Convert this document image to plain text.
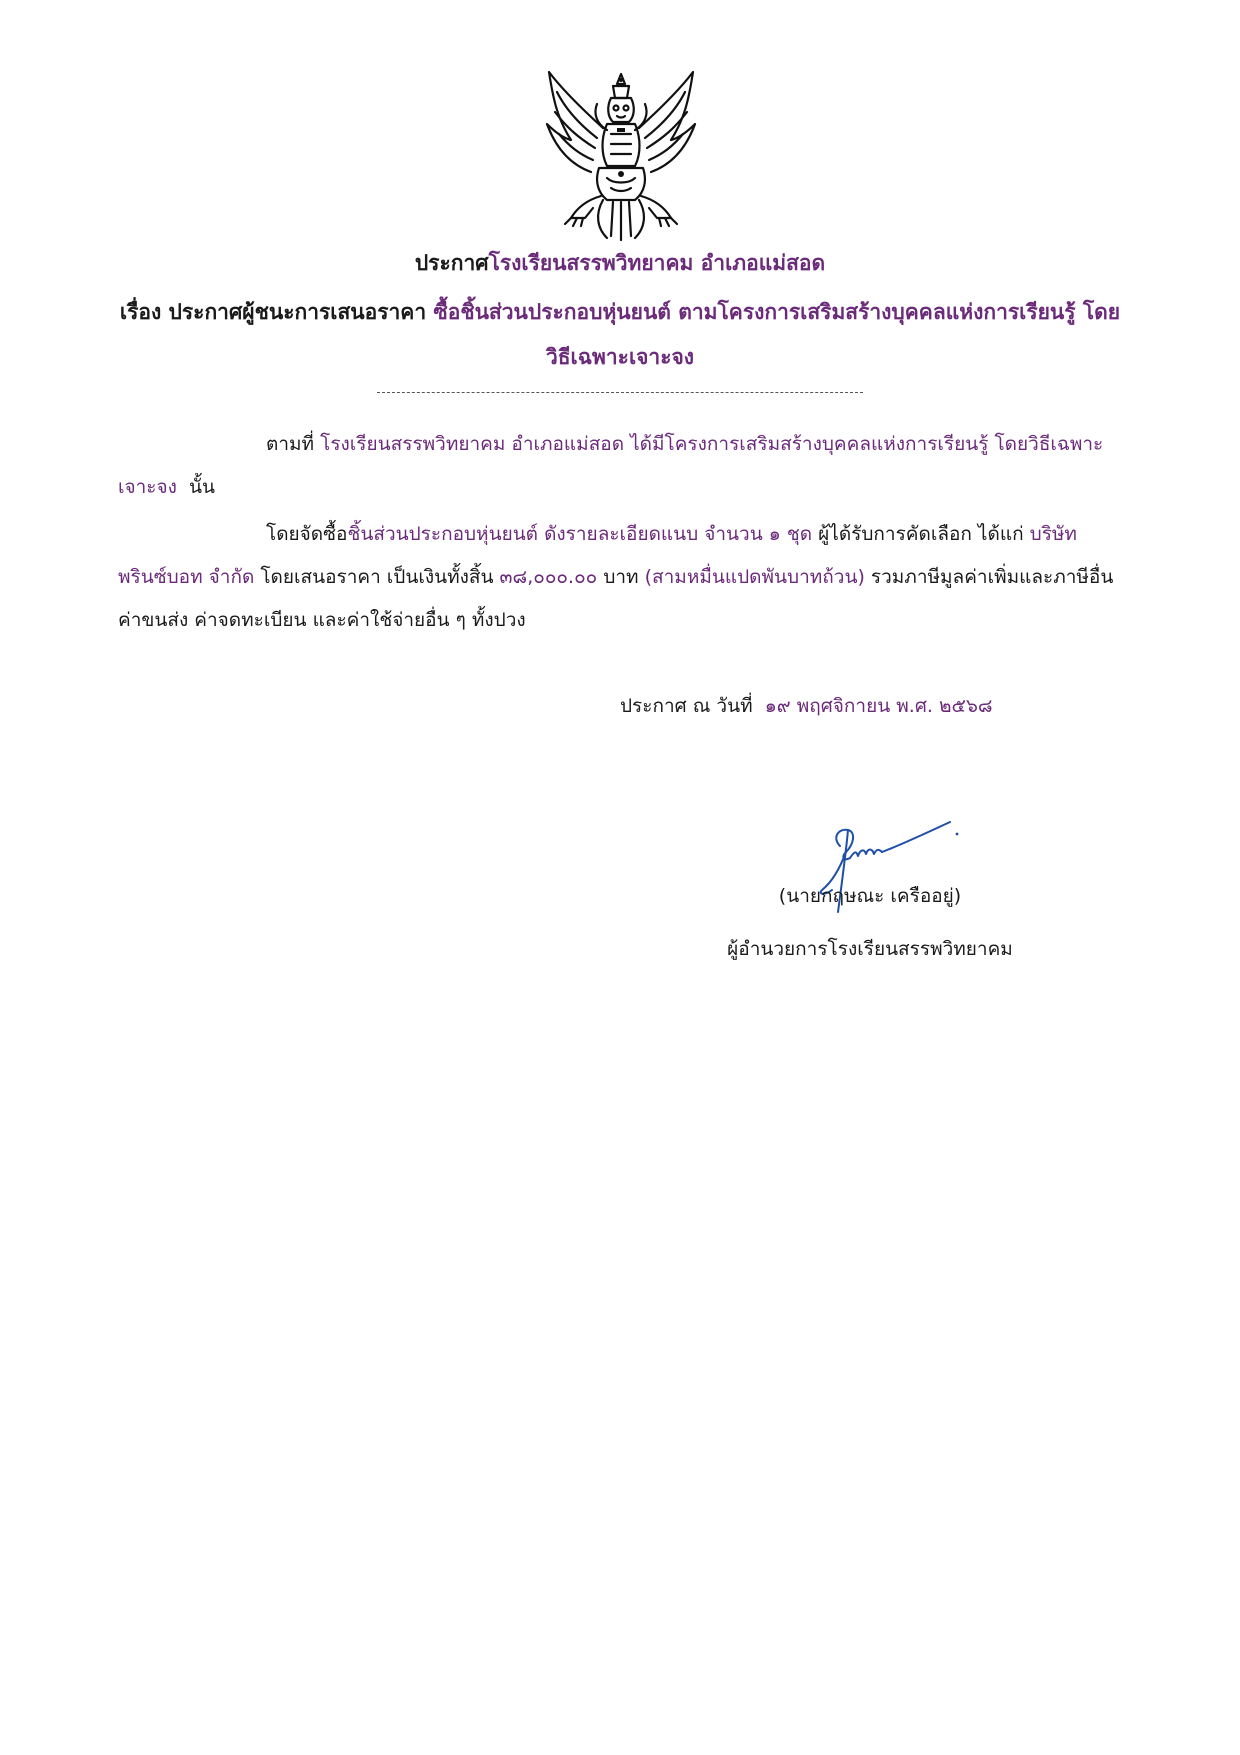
ประกาศโรงเรียนสรรพวิทยาคม อำเภอแม่สอด
เรื่อง ประกาศผู้ชนะการเสนอราคา ซื้อชิ้นส่วนประกอบหุ่นยนต์ ตามโครงการเสริมสร้างบุคคลแห่งการเรียนรู้ โดยวิธีเฉพาะเจาะจง
ตามที่ โรงเรียนสรรพวิทยาคม อำเภอแม่สอด ได้มีโครงการเสริมสร้างบุคคลแห่งการเรียนรู้ โดยวิธีเฉพาะเจาะจง นั้น
โดยจัดซื้อชิ้นส่วนประกอบหุ่นยนต์ ดังรายละเอียดแนบ จำนวน ๑ ชุด ผู้ได้รับการคัดเลือก ได้แก่ บริษัท พรินซ์บอท จำกัด โดยเสนอราคา เป็นเงินทั้งสิ้น ๓๘,๐๐๐.๐๐ บาท (สามหมื่นแปดพันบาทถ้วน) รวมภาษีมูลค่าเพิ่มและภาษีอื่น ค่าขนส่ง ค่าจดทะเบียน และค่าใช้จ่ายอื่น ๆ ทั้งปวง
ประกาศ ณ วันที่ ๑๙ พฤศจิกายน พ.ศ. ๒๕๖๘
(นายกฤษณะ เครืออยู่)
ผู้อำนวยการโรงเรียนสรรพวิทยาคม
